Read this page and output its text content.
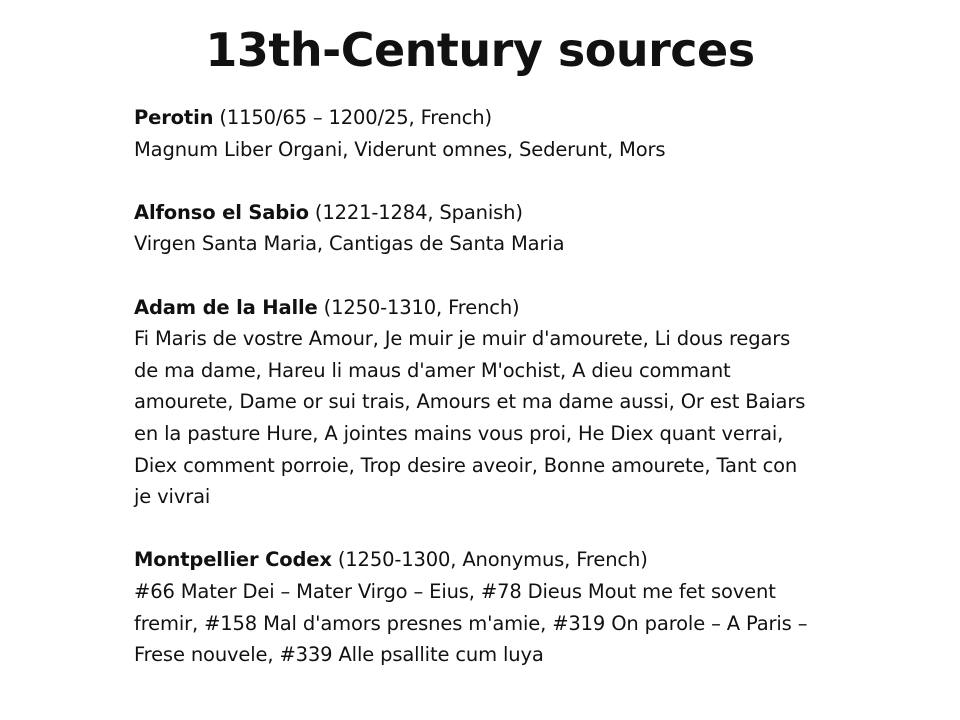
13th-Century sources
Perotin (1150/65 – 1200/25, French)
Magnum Liber Organi, Viderunt omnes, Sederunt, Mors
Alfonso el Sabio (1221-1284, Spanish)
Virgen Santa Maria, Cantigas de Santa Maria
Adam de la Halle (1250-1310, French)
Fi Maris de vostre Amour, Je muir je muir d'amourete, Li dous regars de ma dame, Hareu li maus d'amer M'ochist, A dieu commant amourete, Dame or sui trais, Amours et ma dame aussi, Or est Baiars en la pasture Hure, A jointes mains vous proi, He Diex quant verrai, Diex comment porroie, Trop desire aveoir, Bonne amourete, Tant con je vivrai
Montpellier Codex (1250-1300, Anonymus, French)
#66 Mater Dei – Mater Virgo – Eius, #78 Dieus Mout me fet sovent fremir, #158 Mal d'amors presnes m'amie, #319 On parole – A Paris – Frese nouvele, #339 Alle psallite cum luya
